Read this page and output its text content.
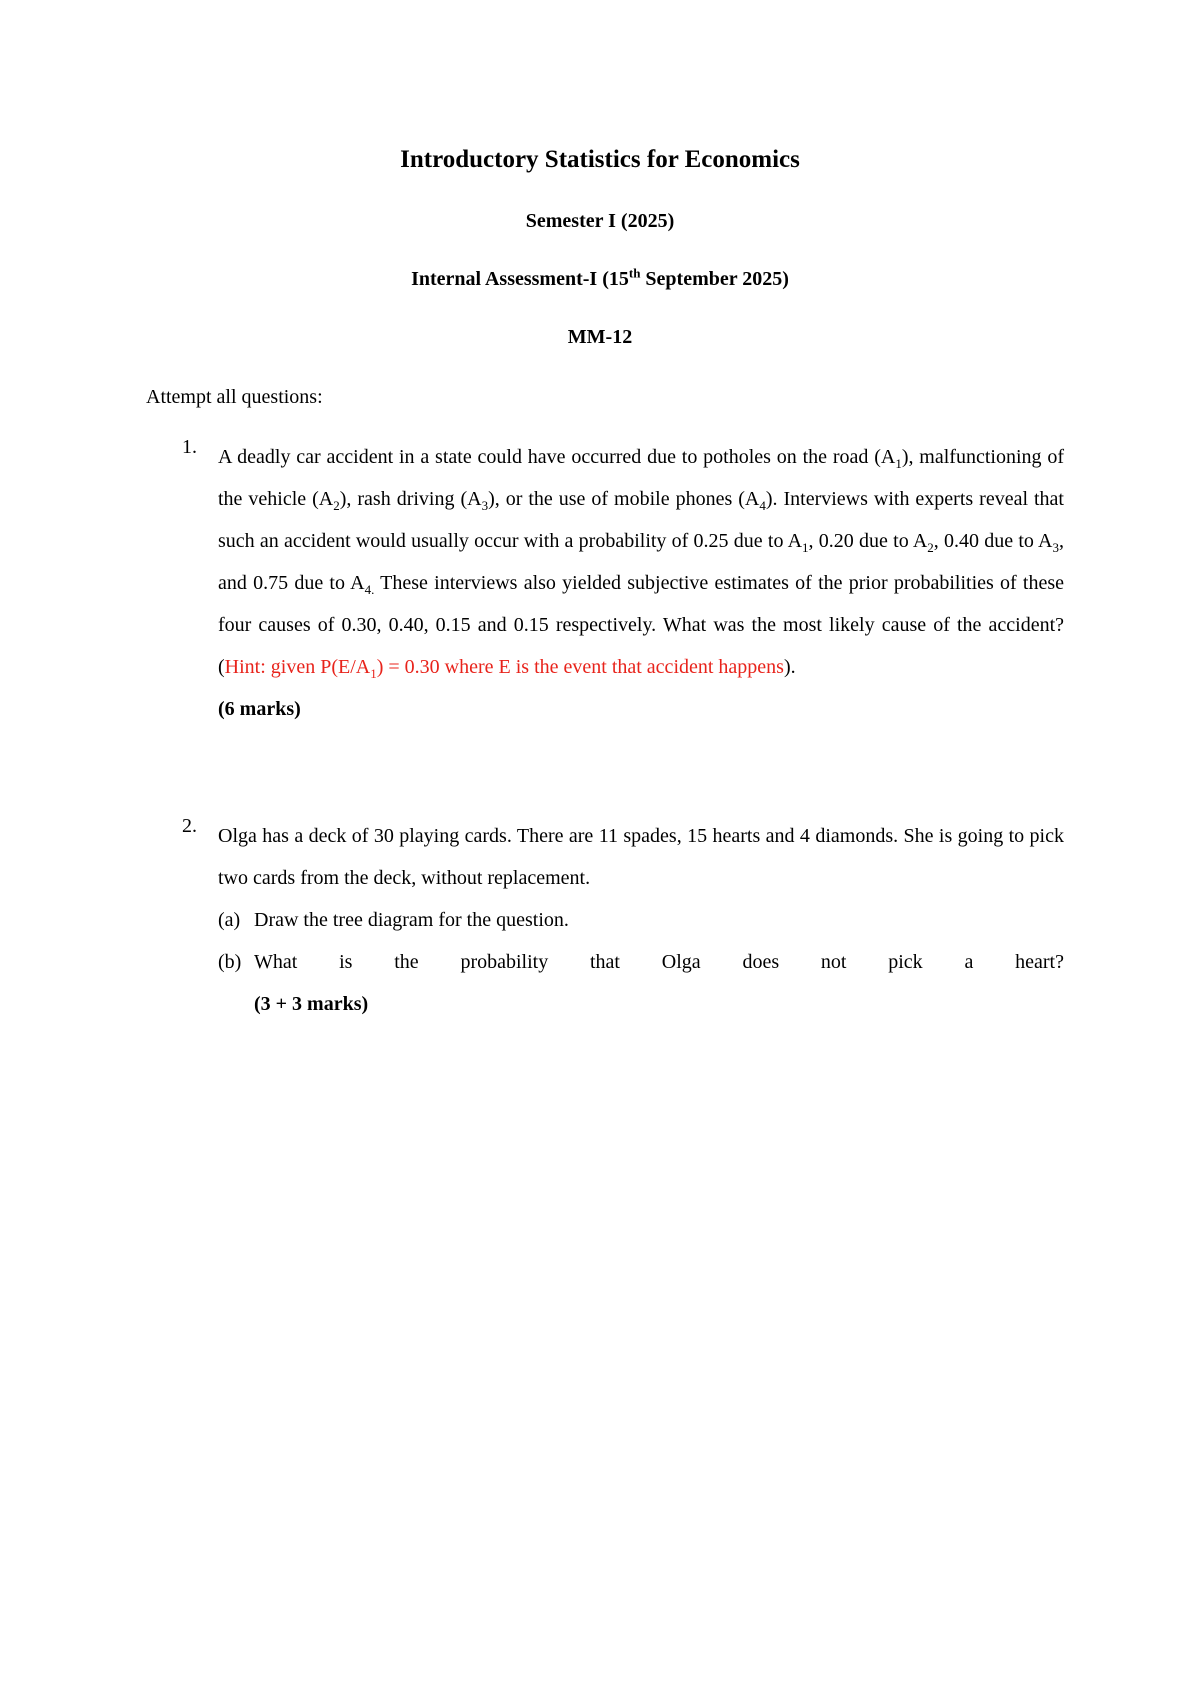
Introductory Statistics for Economics
Semester I (2025)
Internal Assessment-I (15th September 2025)
MM-12
Attempt all questions:
1. A deadly car accident in a state could have occurred due to potholes on the road $(A_1)$, malfunctioning of the vehicle $(A_2)$, rash driving $(A_3)$, or the use of mobile phones $(A_4)$. Interviews with experts reveal that such an accident would usually occur with a probability of 0.25 due to $A_1$, 0.20 due to $A_2$, 0.40 due to $A_3$, and 0.75 due to $A_{4.}$ These interviews also yielded subjective estimates of the prior probabilities of these four causes of 0.30, 0.40, 0.15 and 0.15 respectively. What was the most likely cause of the accident? (Hint: given $P(E/A_1) = 0.30$ where E is the event that accident happens).
(6 marks)
2. Olga has a deck of 30 playing cards. There are 11 spades, 15 hearts and 4 diamonds. She is going to pick two cards from the deck, without replacement.
(a) Draw the tree diagram for the question.
(b) What is the probability that Olga does not pick a heart?
(3 + 3 marks)
